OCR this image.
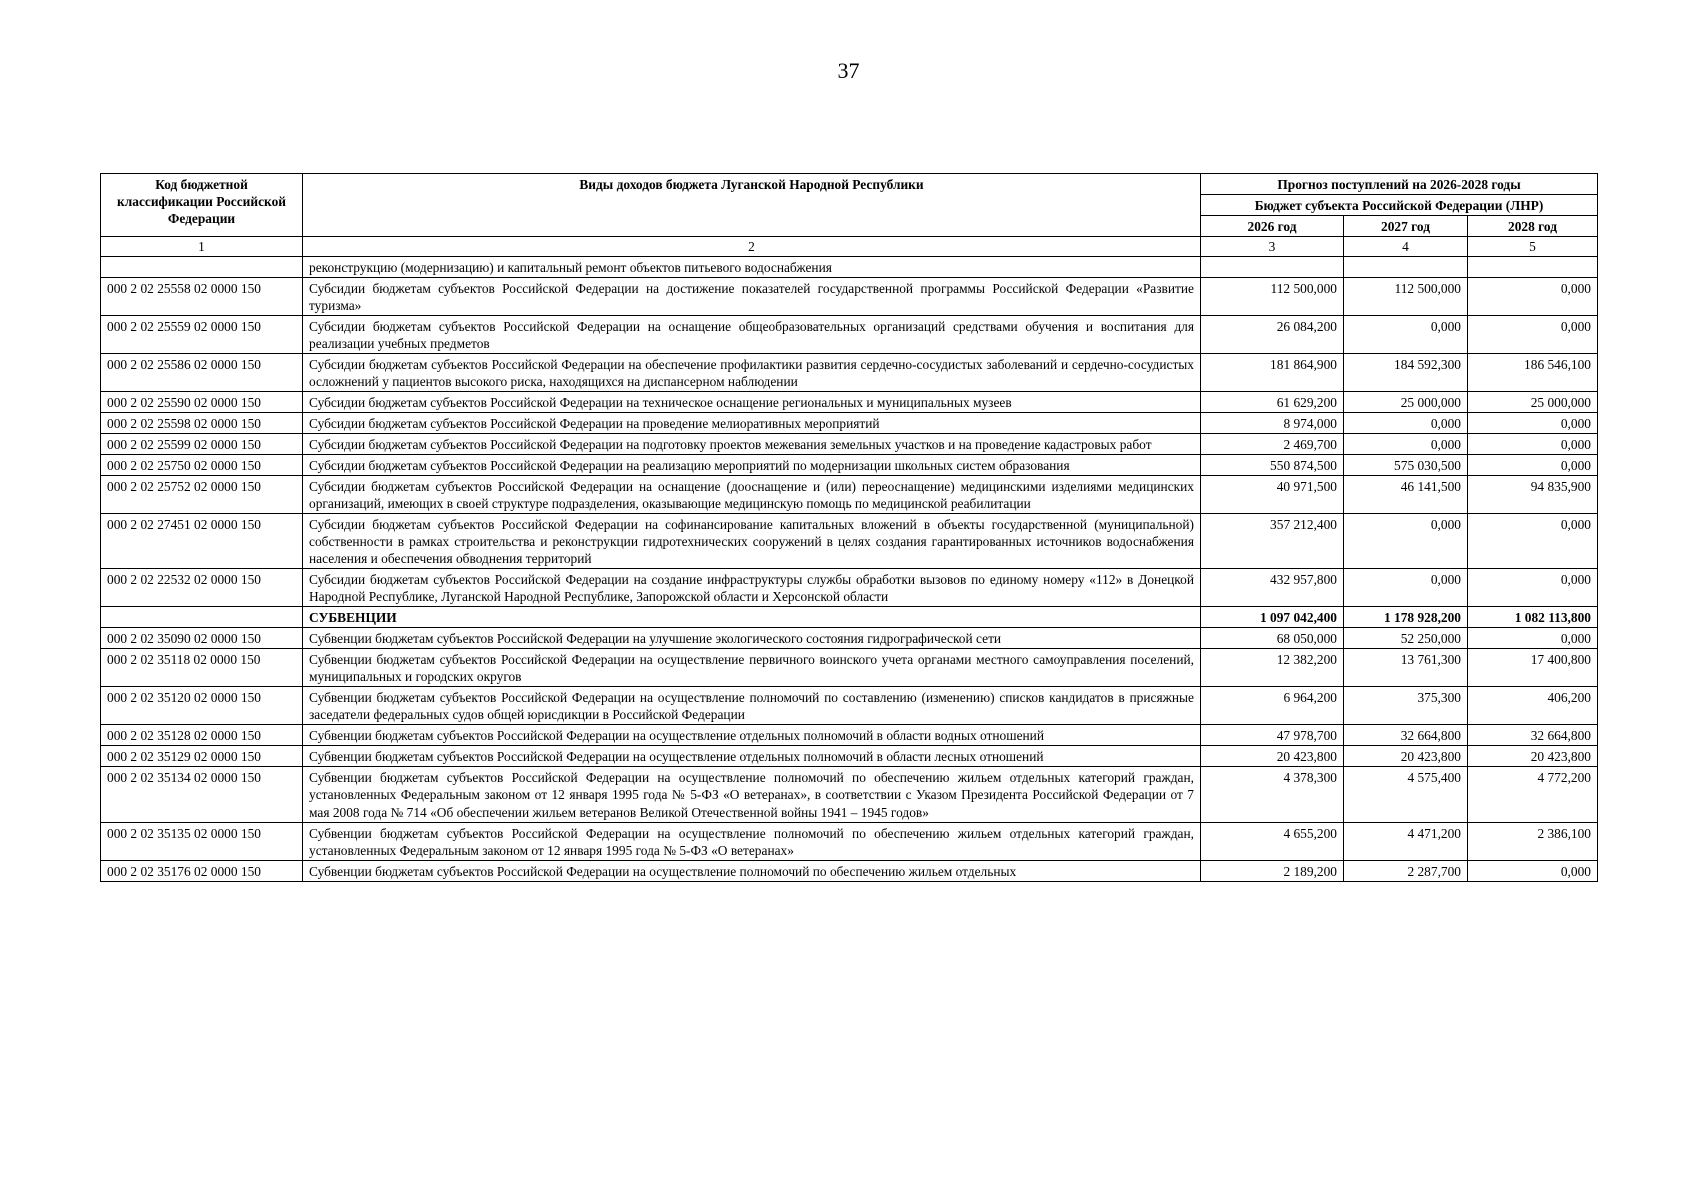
37
Код бюджетной классификации Российской Федерации	Виды доходов бюджета Луганской Народной Республики	Прогноз поступлений на 2026-2028 годы		
		Бюджет субъекта Российской Федерации (ЛНР)		
		2026 год	2027 год	2028 год
1	2	3	4	5
	реконструкцию (модернизацию) и капитальный ремонт объектов питьевого водоснабжения			
000 2 02 25558 02 0000 150	Субсидии бюджетам субъектов Российской Федерации на достижение показателей государственной программы Российской Федерации «Развитие туризма»	112 500,000	112 500,000	0,000
000 2 02 25559 02 0000 150	Субсидии бюджетам субъектов Российской Федерации на оснащение общеобразовательных организаций средствами обучения и воспитания для реализации учебных предметов	26 084,200	0,000	0,000
000 2 02 25586 02 0000 150	Субсидии бюджетам субъектов Российской Федерации на обеспечение профилактики развития сердечно-сосудистых заболеваний и сердечно-сосудистых осложнений у пациентов высокого риска, находящихся на диспансерном наблюдении	181 864,900	184 592,300	186 546,100
000 2 02 25590 02 0000 150	Субсидии бюджетам субъектов Российской Федерации на техническое оснащение региональных и муниципальных музеев	61 629,200	25 000,000	25 000,000
000 2 02 25598 02 0000 150	Субсидии бюджетам субъектов Российской Федерации на проведение мелиоративных мероприятий	8 974,000	0,000	0,000
000 2 02 25599 02 0000 150	Субсидии бюджетам субъектов Российской Федерации на подготовку проектов межевания земельных участков и на проведение кадастровых работ	2 469,700	0,000	0,000
000 2 02 25750 02 0000 150	Субсидии бюджетам субъектов Российской Федерации на реализацию мероприятий по модернизации школьных систем образования	550 874,500	575 030,500	0,000
000 2 02 25752 02 0000 150	Субсидии бюджетам субъектов Российской Федерации на оснащение (дооснащение и (или) переоснащение) медицинскими изделиями медицинских организаций, имеющих в своей структуре подразделения, оказывающие медицинскую помощь по медицинской реабилитации	40 971,500	46 141,500	94 835,900
000 2 02 27451 02 0000 150	Субсидии бюджетам субъектов Российской Федерации на софинансирование капитальных вложений в объекты государственной (муниципальной) собственности в рамках строительства и реконструкции гидротехнических сооружений в целях создания гарантированных источников водоснабжения населения и обеспечения обводнения территорий	357 212,400	0,000	0,000
000 2 02 22532 02 0000 150	Субсидии бюджетам субъектов Российской Федерации на создание инфраструктуры службы обработки вызовов по единому номеру «112» в Донецкой Народной Республике, Луганской Народной Республике, Запорожской области и Херсонской области	432 957,800	0,000	0,000
	СУБВЕНЦИИ	1 097 042,400	1 178 928,200	1 082 113,800
000 2 02 35090 02 0000 150	Субвенции бюджетам субъектов Российской Федерации на улучшение экологического состояния гидрографической сети	68 050,000	52 250,000	0,000
000 2 02 35118 02 0000 150	Субвенции бюджетам субъектов Российской Федерации на осуществление первичного воинского учета органами местного самоуправления поселений, муниципальных и городских округов	12 382,200	13 761,300	17 400,800
000 2 02 35120 02 0000 150	Субвенции бюджетам субъектов Российской Федерации на осуществление полномочий по составлению (изменению) списков кандидатов в присяжные заседатели федеральных судов общей юрисдикции в Российской Федерации	6 964,200	375,300	406,200
000 2 02 35128 02 0000 150	Субвенции бюджетам субъектов Российской Федерации на осуществление отдельных полномочий в области водных отношений	47 978,700	32 664,800	32 664,800
000 2 02 35129 02 0000 150	Субвенции бюджетам субъектов Российской Федерации на осуществление отдельных полномочий в области лесных отношений	20 423,800	20 423,800	20 423,800
000 2 02 35134 02 0000 150	Субвенции бюджетам субъектов Российской Федерации на осуществление полномочий по обеспечению жильем отдельных категорий граждан, установленных Федеральным законом от 12 января 1995 года № 5-ФЗ «О ветеранах», в соответствии с Указом Президента Российской Федерации от 7 мая 2008 года № 714 «Об обеспечении жильем ветеранов Великой Отечественной войны 1941 – 1945 годов»	4 378,300	4 575,400	4 772,200
000 2 02 35135 02 0000 150	Субвенции бюджетам субъектов Российской Федерации на осуществление полномочий по обеспечению жильем отдельных категорий граждан, установленных Федеральным законом от 12 января 1995 года № 5-ФЗ «О ветеранах»	4 655,200	4 471,200	2 386,100
000 2 02 35176 02 0000 150	Субвенции бюджетам субъектов Российской Федерации на осуществление полномочий по обеспечению жильем отдельных	2 189,200	2 287,700	0,000
